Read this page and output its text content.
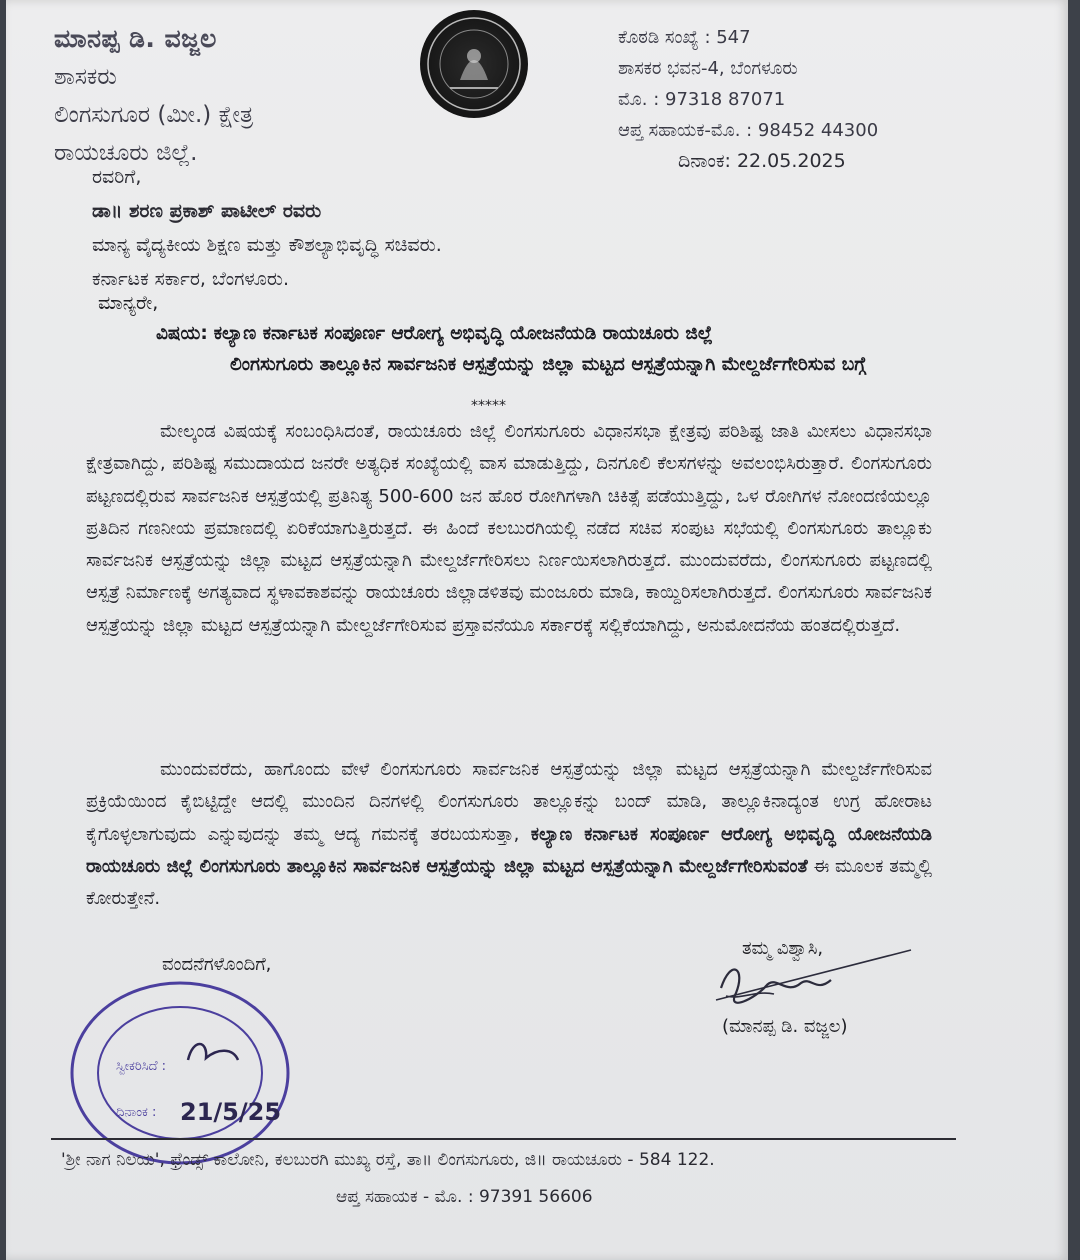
ಮಾನಪ್ಪ ಡಿ. ವಜ್ಜಲ
ಶಾಸಕರು
ಲಿಂಗಸುಗೂರ (ಮೀ.) ಕ್ಷೇತ್ರ
ರಾಯಚೂರು ಜಿಲ್ಲೆ.
ಕೊಠಡಿ ಸಂಖ್ಯೆ : 547
ಶಾಸಕರ ಭವನ-4, ಬೆಂಗಳೂರು
ಮೊ. : 97318 87071
ಆಪ್ತ ಸಹಾಯಕ-ಮೊ. : 98452 44300
ದಿನಾಂಕ: 22.05.2025
ರವರಿಗೆ,
ಡಾ॥ ಶರಣ ಪ್ರಕಾಶ್ ಪಾಟೀಲ್ ರವರು
ಮಾನ್ಯ ವೈದ್ಯಕೀಯ ಶಿಕ್ಷಣ ಮತ್ತು ಕೌಶಲ್ಯಾಭಿವೃದ್ಧಿ ಸಚಿವರು.
ಕರ್ನಾಟಕ ಸರ್ಕಾರ, ಬೆಂಗಳೂರು.
ಮಾನ್ಯರೇ,
ವಿಷಯ: ಕಲ್ಯಾಣ ಕರ್ನಾಟಕ ಸಂಪೂರ್ಣ ಆರೋಗ್ಯ ಅಭಿವೃದ್ಧಿ ಯೋಜನೆಯಡಿ ರಾಯಚೂರು ಜಿಲ್ಲೆ
ಲಿಂಗಸುಗೂರು ತಾಲ್ಲೂಕಿನ ಸಾರ್ವಜನಿಕ ಆಸ್ಪತ್ರೆಯನ್ನು ಜಿಲ್ಲಾ ಮಟ್ಟದ ಆಸ್ಪತ್ರೆಯನ್ನಾಗಿ ಮೇಲ್ದರ್ಜೆಗೇರಿಸುವ ಬಗ್ಗೆ
*****

ಮೇಲ್ಕಂಡ ವಿಷಯಕ್ಕೆ ಸಂಬಂಧಿಸಿದಂತೆ, ರಾಯಚೂರು ಜಿಲ್ಲೆ ಲಿಂಗಸುಗೂರು ವಿಧಾನಸಭಾ ಕ್ಷೇತ್ರವು ಪರಿಶಿಷ್ಟ ಜಾತಿ ಮೀಸಲು ವಿಧಾನಸಭಾ ಕ್ಷೇತ್ರವಾಗಿದ್ದು, ಪರಿಶಿಷ್ಟ ಸಮುದಾಯದ ಜನರೇ ಅತ್ಯಧಿಕ ಸಂಖ್ಯೆಯಲ್ಲಿ ವಾಸ ಮಾಡುತ್ತಿದ್ದು, ದಿನಗೂಲಿ ಕೆಲಸಗಳನ್ನು ಅವಲಂಭಿಸಿರುತ್ತಾರೆ. ಲಿಂಗಸುಗೂರು ಪಟ್ಟಣದಲ್ಲಿರುವ ಸಾರ್ವಜನಿಕ ಆಸ್ಪತ್ರೆಯಲ್ಲಿ ಪ್ರತಿನಿತ್ಯ 500-600 ಜನ ಹೊರ ರೋಗಿಗಳಾಗಿ ಚಿಕಿತ್ಸೆ ಪಡೆಯುತ್ತಿದ್ದು, ಒಳ ರೋಗಿಗಳ ನೋಂದಣಿಯಲ್ಲೂ ಪ್ರತಿದಿನ ಗಣನೀಯ ಪ್ರಮಾಣದಲ್ಲಿ ಏರಿಕೆಯಾಗುತ್ತಿರುತ್ತದೆ. ಈ ಹಿಂದೆ ಕಲಬುರಗಿಯಲ್ಲಿ ನಡೆದ ಸಚಿವ ಸಂಪುಟ ಸಭೆಯಲ್ಲಿ ಲಿಂಗಸುಗೂರು ತಾಲ್ಲೂಕು ಸಾರ್ವಜನಿಕ ಆಸ್ಪತ್ರೆಯನ್ನು ಜಿಲ್ಲಾ ಮಟ್ಟದ ಆಸ್ಪತ್ರೆಯನ್ನಾಗಿ ಮೇಲ್ದರ್ಜೆಗೇರಿಸಲು ನಿರ್ಣಯಿಸಲಾಗಿರುತ್ತದೆ. ಮುಂದುವರೆದು, ಲಿಂಗಸುಗೂರು ಪಟ್ಟಣದಲ್ಲಿ ಆಸ್ಪತ್ರೆ ನಿರ್ಮಾಣಕ್ಕೆ ಅಗತ್ಯವಾದ ಸ್ಥಳಾವಕಾಶವನ್ನು ರಾಯಚೂರು ಜಿಲ್ಲಾಡಳಿತವು ಮಂಜೂರು ಮಾಡಿ, ಕಾಯ್ದಿರಿಸಲಾಗಿರುತ್ತದೆ. ಲಿಂಗಸುಗೂರು ಸಾರ್ವಜನಿಕ ಆಸ್ಪತ್ರೆಯನ್ನು ಜಿಲ್ಲಾ ಮಟ್ಟದ ಆಸ್ಪತ್ರೆಯನ್ನಾಗಿ ಮೇಲ್ದರ್ಜೆಗೇರಿಸುವ ಪ್ರಸ್ತಾವನೆಯೂ ಸರ್ಕಾರಕ್ಕೆ ಸಲ್ಲಿಕೆಯಾಗಿದ್ದು, ಅನುಮೋದನೆಯ ಹಂತದಲ್ಲಿರುತ್ತದೆ.

ಮುಂದುವರೆದು, ಹಾಗೊಂದು ವೇಳೆ ಲಿಂಗಸುಗೂರು ಸಾರ್ವಜನಿಕ ಆಸ್ಪತ್ರೆಯನ್ನು ಜಿಲ್ಲಾ ಮಟ್ಟದ ಆಸ್ಪತ್ರೆಯನ್ನಾಗಿ ಮೇಲ್ದರ್ಜೆಗೇರಿಸುವ ಪ್ರಕ್ರಿಯೆಯಿಂದ ಕೈಬಿಟ್ಟಿದ್ದೇ ಆದಲ್ಲಿ ಮುಂದಿನ ದಿನಗಳಲ್ಲಿ ಲಿಂಗಸುಗೂರು ತಾಲ್ಲೂಕನ್ನು ಬಂದ್ ಮಾಡಿ, ತಾಲ್ಲೂಕಿನಾದ್ಯಂತ ಉಗ್ರ ಹೋರಾಟ ಕೈಗೊಳ್ಳಲಾಗುವುದು ಎನ್ನುವುದನ್ನು ತಮ್ಮ ಆದ್ಯ ಗಮನಕ್ಕೆ ತರಬಯಸುತ್ತಾ, ಕಲ್ಯಾಣ ಕರ್ನಾಟಕ ಸಂಪೂರ್ಣ ಆರೋಗ್ಯ ಅಭಿವೃದ್ಧಿ ಯೋಜನೆಯಡಿ ರಾಯಚೂರು ಜಿಲ್ಲೆ ಲಿಂಗಸುಗೂರು ತಾಲ್ಲೂಕಿನ ಸಾರ್ವಜನಿಕ ಆಸ್ಪತ್ರೆಯನ್ನು ಜಿಲ್ಲಾ ಮಟ್ಟದ ಆಸ್ಪತ್ರೆಯನ್ನಾಗಿ ಮೇಲ್ದರ್ಜೆಗೇರಿಸುವಂತೆ ಈ ಮೂಲಕ ತಮ್ಮಲ್ಲಿ ಕೋರುತ್ತೇನೆ.

ವಂದನೆಗಳೊಂದಿಗೆ,
ತಮ್ಮ ವಿಶ್ವಾಸಿ,
(ಮಾನಪ್ಪ ಡಿ. ವಜ್ಜಲ)
ಸ್ವೀಕರಿಸಿದೆ :
ದಿನಾಂಕ : 21/5/25
'ಶ್ರೀ ನಾಗ ನಿಲಯ', ಫ್ರೆಂಡ್ಸ್ ಕಾಲೋನಿ, ಕಲಬುರಗಿ ಮುಖ್ಯ ರಸ್ತೆ, ತಾ॥ ಲಿಂಗಸುಗೂರು, ಜಿ॥ ರಾಯಚೂರು - 584 122.
ಆಪ್ತ ಸಹಾಯಕ - ಮೊ. : 97391 56606
